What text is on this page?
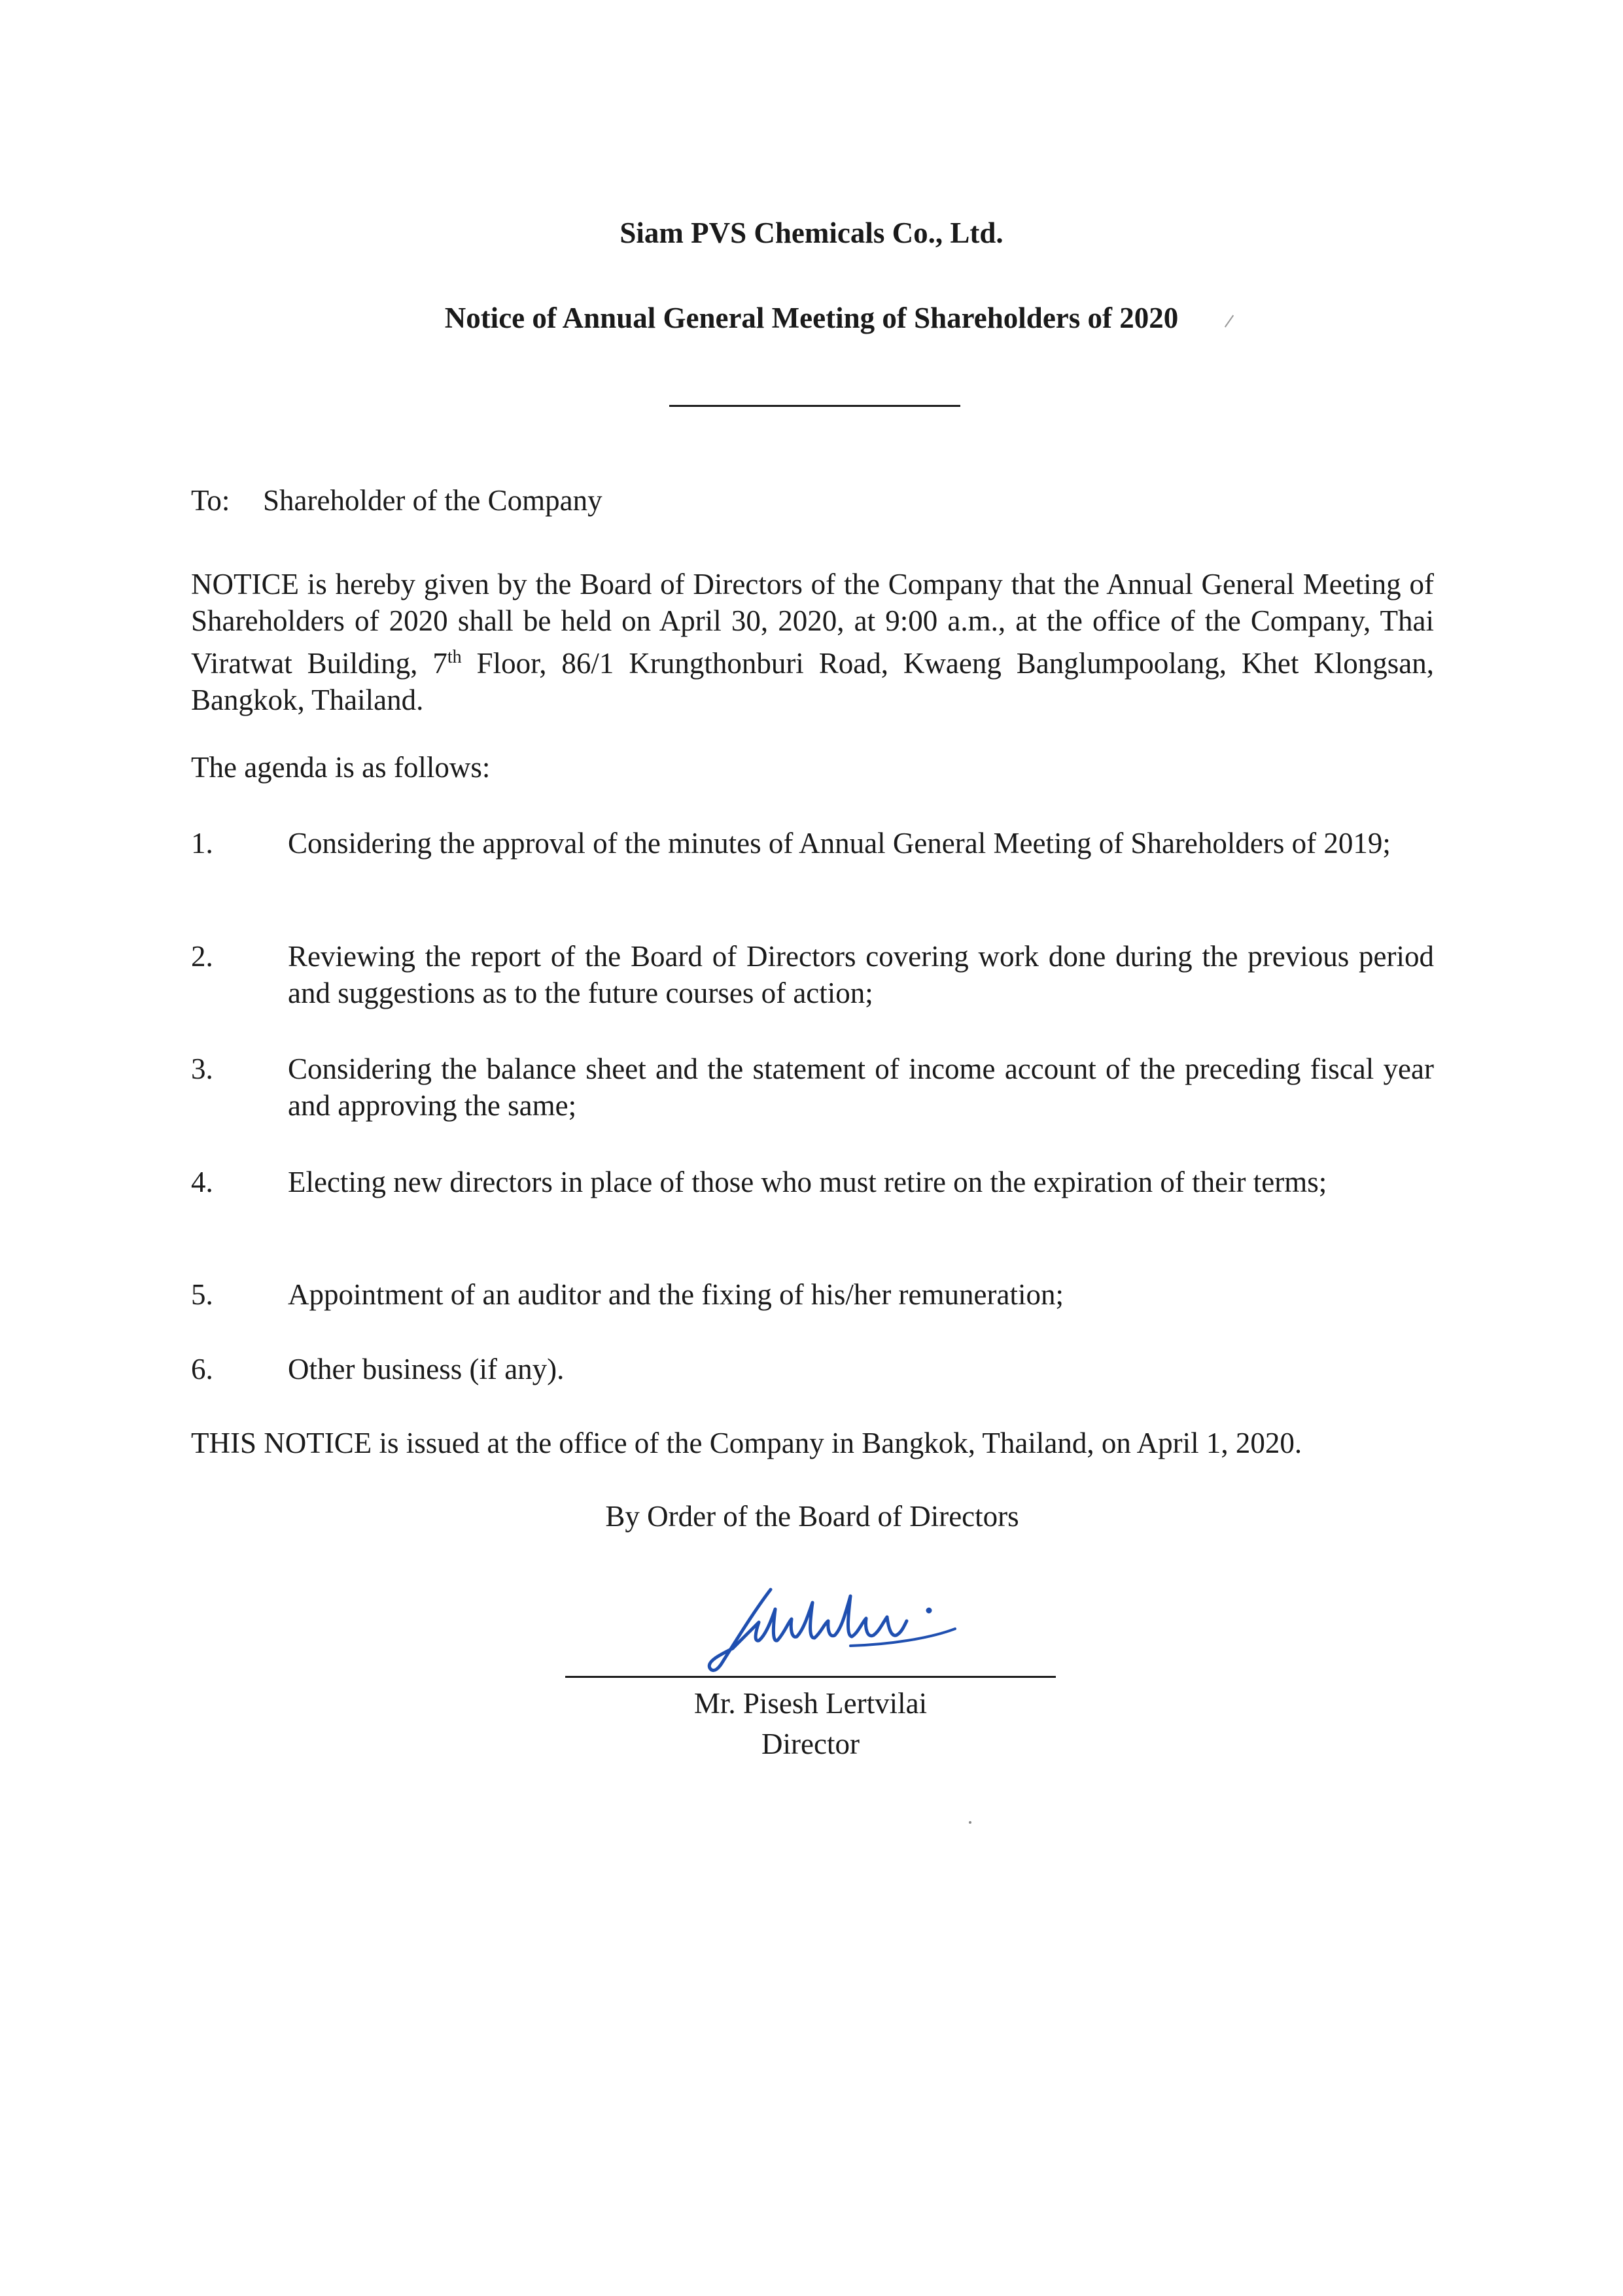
Siam PVS Chemicals Co., Ltd.
Notice of Annual General Meeting of Shareholders of 2020
To: Shareholder of the Company
NOTICE is hereby given by the Board of Directors of the Company that the Annual General Meeting of Shareholders of 2020 shall be held on April 30, 2020, at 9:00 a.m., at the office of the Company, Thai Viratwat Building, 7th Floor, 86/1 Krungthonburi Road, Kwaeng Banglumpoolang, Khet Klongsan, Bangkok, Thailand.
The agenda is as follows:
1.	Considering the approval of the minutes of Annual General Meeting of Shareholders of 2019;
2.	Reviewing the report of the Board of Directors covering work done during the previous period and suggestions as to the future courses of action;
3.	Considering the balance sheet and the statement of income account of the preceding fiscal year and approving the same;
4.	Electing new directors in place of those who must retire on the expiration of their terms;
5.	Appointment of an auditor and the fixing of his/her remuneration;
6.	Other business (if any).
THIS NOTICE is issued at the office of the Company in Bangkok, Thailand, on April 1, 2020.
By Order of the Board of Directors
Mr. Pisesh Lertvilai
Director
